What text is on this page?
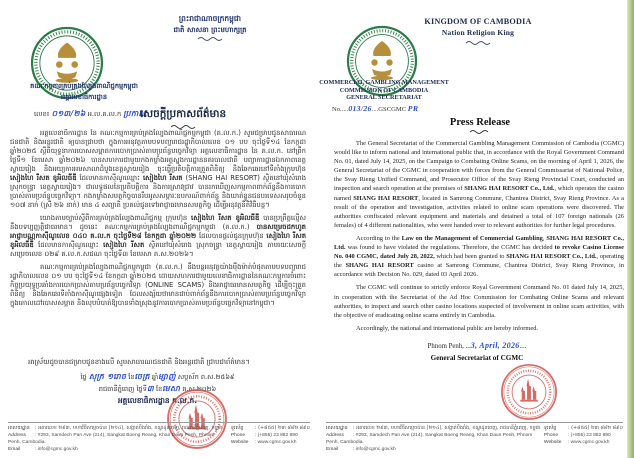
ព្រះរាជាណាចក្រកម្ពុជា
ជាតិ សាសនា ព្រះមហាក្សត្រ
គណៈកម្មការគ្រប់គ្រងល្បែងពាណិជ្ជកម្មកម្ពុជា
អគ្គលេខាធិការដ្ឋាន
លេខ៖ ០១៣/២៦ អ.ល.គ.ល.ក ប្រកាស
សេចក្ដីប្រកាសព័ត៌មាន

អគ្គលេខាធិការដ្ឋាន នៃ គណៈកម្មការគ្រប់គ្រងល្បែងពាណិជ្ជកម្មកម្ពុជា (គ.ល.ក.) សូមជម្រាបជូនសាធារណជនជាតិ និងអន្តរជាតិ ឲ្យបានជ្រាបថា ក្នុងការអនុវត្តតាមបទបញ្ជារាជរដ្ឋាភិបាលលេខ ០១ បប ចុះថ្ងៃទី១៤ ខែកក្កដា ឆ្នាំ២០២៥ ស្ដីពីយុទ្ធនាការបោសសម្អាតការបោកប្រាស់តាមប្រព័ន្ធបច្ចេកវិទ្យា អគ្គលេខាធិការដ្ឋាន នៃ គ.ល.ក. នៅព្រឹកថ្ងៃទី១ ខែមេសា ឆ្នាំ២០២៦ បានសហការជាមួយកងកម្លាំងអគ្គស្នងការដ្ឋាននគរបាលជាតិ បញ្ជាការដ្ឋានឯកភាពខេត្តស្វាយរៀង និងអយ្យការអមសាលាដំបូងខេត្តស្វាយរៀង ចុះធ្វើប្រតិបត្តិការត្រួតពិនិត្យ និងឆែកឆេរនៅទីតាំងក្រុមហ៊ុន សៀងហៃ រីសត ខូអិលធីឌី ដែលមានកាស៊ីណូឈ្មោះ សៀងហៃ រីសត (SHANG HAI RESORT) ស្ថិតនៅឃុំសំរោង ស្រុកចន្ទ្រា ខេត្តស្វាយរៀង។ ជាលទ្ធផលនៃប្រតិបត្តិការ និងការស្រាវជ្រាវ បានរកឃើញសកម្មភាពពាក់ព័ន្ធនឹងការបោកប្រាស់តាមប្រព័ន្ធបច្ចេកវិទ្យា។ កងកម្លាំងសមត្ថកិច្ចបានរឹបអូសសម្ភារៈឧបករណ៍ពាក់ព័ន្ធ និងឃាត់ខ្លួនជនបរទេសសរុបចំនួន ១០៧ នាក់ (ស្រី ២៦ នាក់) មាន ៤ សញ្ជាតិ ប្រគល់ជូនទៅអាជ្ញាធរមានសមត្ថកិច្ច ដើម្បីអនុវត្តនីតិវិធីបន្ត។

យោងតាមច្បាប់ស្ដីពីការគ្រប់គ្រងល្បែងពាណិជ្ជកម្ម ក្រុមហ៊ុន សៀងហៃ រីសត ខូអិលធីឌី បានប្រព្រឹត្តល្មើសនឹងបទប្បញ្ញត្តិជាធរមាន។ ដូចនេះ គណៈកម្មការគ្រប់គ្រងល្បែងពាណិជ្ជកម្មកម្ពុជា (គ.ល.ក.) បានសម្រេចដកហូតអាជ្ញាបណ្ណកាស៊ីណូលេខ ០៤០ គ.ល.ក ចុះថ្ងៃទី២៨ ខែកក្កដា ឆ្នាំ២០២២ ដែលបានផ្ដល់ជូនក្រុមហ៊ុន សៀងហៃ រីសត ខូអិលធីឌី ដែលមានកាស៊ីណូឈ្មោះ សៀងហៃ រីសត ស្ថិតនៅឃុំសំរោង ស្រុកចន្ទ្រា ខេត្តស្វាយរៀង តាមរយៈសេចក្ដីសម្រេចលេខ ០២៩ គ.ល.ក.សជណ ចុះថ្ងៃទី៣ ខែមេសា គ.ស.២០២៦។

គណៈកម្មការគ្រប់គ្រងល្បែងពាណិជ្ជកម្មកម្ពុជា (គ.ល.ក.) នឹងបន្តអនុវត្តយ៉ាងម៉ឺងម៉ាត់បំផុតតាមបទបញ្ជារាជរដ្ឋាភិបាលលេខ ០១ បប ចុះថ្ងៃទី១៤ ខែកក្កដា ឆ្នាំ២០២៥ ដោយសហការជាមួយលេខាធិការដ្ឋាននៃគណៈកម្មការចំពោះកិច្ចប្រយុទ្ធប្រឆាំងការបោកប្រាស់តាមប្រព័ន្ធបច្ចេកវិទ្យា (ONLINE SCAMS) និងអាជ្ញាធរមានសមត្ថកិច្ច ដើម្បីចុះត្រួតពិនិត្យ និងឆែកឆេរទីតាំងកាស៊ីណូផ្សេងទៀត ដែលសង្ស័យថាមានជាប់ពាក់ព័ន្ធនឹងការបោកប្រាស់តាមប្រព័ន្ធបច្ចេកវិទ្យា ក្នុងគោលដៅបោសសម្អាត និងលុបបំបាត់ឱ្យបានទាំងស្រុងនូវការបោកប្រាស់តាមប្រព័ន្ធបច្ចេកវិទ្យានៅកម្ពុជា។

អាស្រ័យដូចបានជម្រាបជូនខាងលើ សូមសាធារណជនជាតិ និងអន្តរជាតិ ជ្រាបជាព័ត៌មាន។
ថ្ងៃ សុក្រ ១រោច ខែចេត្រ ឆ្នាំម្សាញ់ សប្តស័ក ព.ស.២៥៦៩
រាជធានីភ្នំពេញ ថ្ងៃទី៣ ខែមេសា គ.ស.២០២៦
អគ្គលេខាធិការដ្ឋាន គ.ល.ក.
អាសយដ្ឋាន : អគារលេខ ២៩៣, មហាវិថីសម្ដេចប៉ាន (២១៤), សង្កាត់បឹងរាំង, ខណ្ឌដូនពេញ, រាជធានីភ្នំពេញ, កម្ពុជា
Address : #293, Samdech Pan Ave (214), Sangkat Boeng Reang, Khan Daun Penh, Phnom Penh, Cambodia.
Email	: info@cgmc.gov.kh
ទូរស័ព្ទ : (+៨៥៥) ២៣ ៨៨២ ៨៩០
Phone : (+855) 23 882 890
Website : www.cgmc.gov.kh
KINGDOM OF CAMBODIA
Nation Religion King
COMMERCIAL GAMBLING MANAGEMENT
COMMISSION OF CAMBODIA
GENERAL SECRETARIAT
No.....013/26....GSCGMC PR
Press Release

The General Secretariat of the Commercial Gambling Management Commission of Cambodia (CGMC) would like to inform national and international public that, in accordance with the Royal Government Command No. 01, dated July 14, 2025, on the Campaign to Combating Online Scams, on the morning of April 1, 2026, the General Secretariat of the CGMC in cooperation with forces from the General Commissariat of National Police, the Svay Rieng Unified Command, and Prosecutor Office of the Svay Rieng Provincial Court, conducted an inspection and search operation at the premises of SHANG HAI RESORT Co., Ltd., which operates the casino named SHANG HAI RESORT, located in Samrong Commune, Chantrea District, Svay Rieng Province. As a result of the operation and investigation, activities related to online scam operations were discovered. The authorities confiscated relevant equipment and materials and detained a total of 107 foreign nationals (26 females) of 4 different nationalities, who were handed over to relevant authorities for further legal procedures.

According to the Law on the Management of Commercial Gambling, SHANG HAI RESORT Co., Ltd. was found to have violated the regulations. Therefore, the CGMC has decided to revoke Casino License No. 040 CGMC, dated July 28, 2022, which had been granted to SHANG HAI RESORT Co., Ltd., operating the SHANG HAI RESORT casino at Samrong Commune, Chantrea District, Svay Rieng Province, in accordance with Decision No. 029, dated 03 April 2026.

The CGMC will continue to strictly enforce Royal Government Command No. 01 dated July 14, 2025, in cooperation with the Secretariat of the Ad Hoc Commission for Combating Online Scams and relevant authorities, to inspect and search other casino locations suspected of involvement in online scam activities, with the objective of eradicating online scams entirely in Cambodia.

Accordingly, the national and international public are hereby informed.

Phnom Penh, ...3, April, 2026....
General Secretariat of CGMC
អាសយដ្ឋាន : អគារលេខ ២៩៣, មហាវិថីសម្ដេចប៉ាន (២១៤), សង្កាត់បឹងរាំង, ខណ្ឌដូនពេញ, រាជធានីភ្នំពេញ, កម្ពុជា
Address : #293, Samdech Pan Ave (214), Sangkat Boeng Reang, Khan Daun Penh, Phnom Penh, Cambodia.
Email	: info@cgmc.gov.kh
ទូរស័ព្ទ : (+៨៥៥) ២៣ ៨៨២ ៨៩០
Phone : (+855) 23 882 890
Website : www.cgmc.gov.kh
